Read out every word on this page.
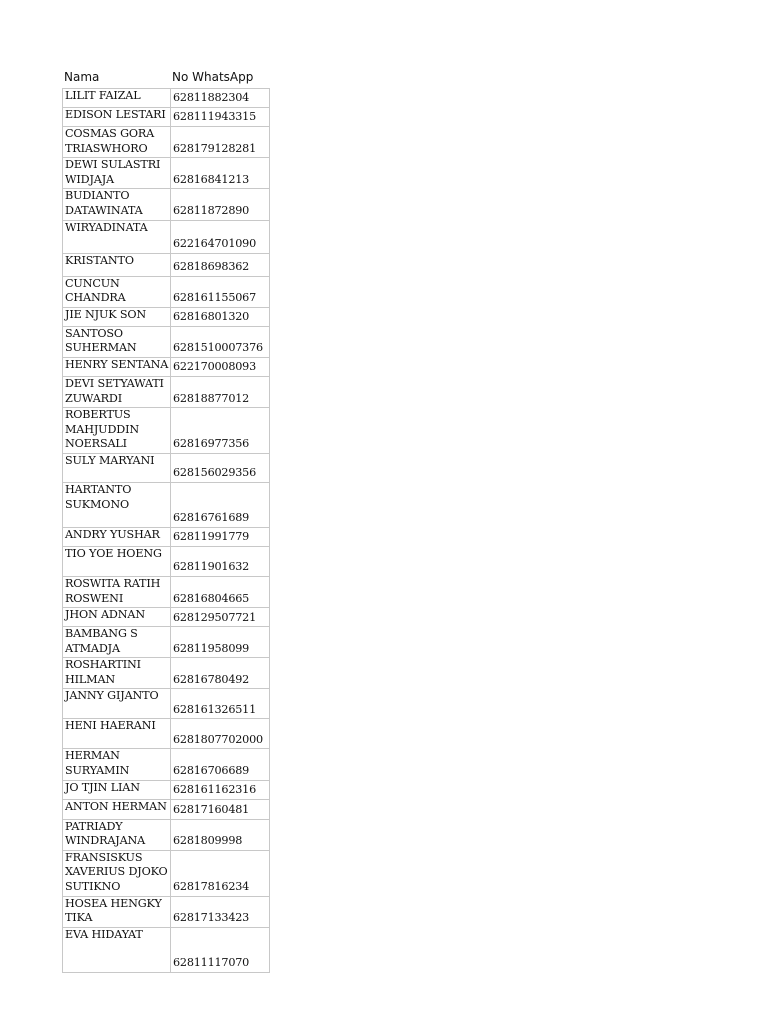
Nama	No WhatsApp
LILIT FAIZAL	62811882304
EDISON LESTARI	628111943315
COSMAS GORA TRIASWHORO	628179128281
DEWI SULASTRI WIDJAJA	62816841213
BUDIANTO DATAWINATA	62811872890
WIRYADINATA	622164701090
KRISTANTO	62818698362
CUNCUN CHANDRA	628161155067
JIE NJUK SON	62816801320
SANTOSO SUHERMAN	6281510007376
HENRY SENTANA	622170008093
DEVI SETYAWATI ZUWARDI	62818877012
ROBERTUS MAHJUDDIN NOERSALI	62816977356
SULY MARYANI	628156029356
HARTANTO SUKMONO	62816761689
ANDRY YUSHAR	62811991779
TIO YOE HOENG	62811901632
ROSWITA RATIH ROSWENI	62816804665
JHON ADNAN	628129507721
BAMBANG S ATMADJA	62811958099
ROSHARTINI HILMAN	62816780492
JANNY GIJANTO	628161326511
HENI HAERANI	6281807702000
HERMAN SURYAMIN	62816706689
JO TJIN LIAN	628161162316
ANTON HERMAN	62817160481
PATRIADY WINDRAJANA	6281809998
FRANSISKUS XAVERIUS DJOKO SUTIKNO	62817816234
HOSEA HENGKY TIKA	62817133423
EVA HIDAYAT	62811117070
